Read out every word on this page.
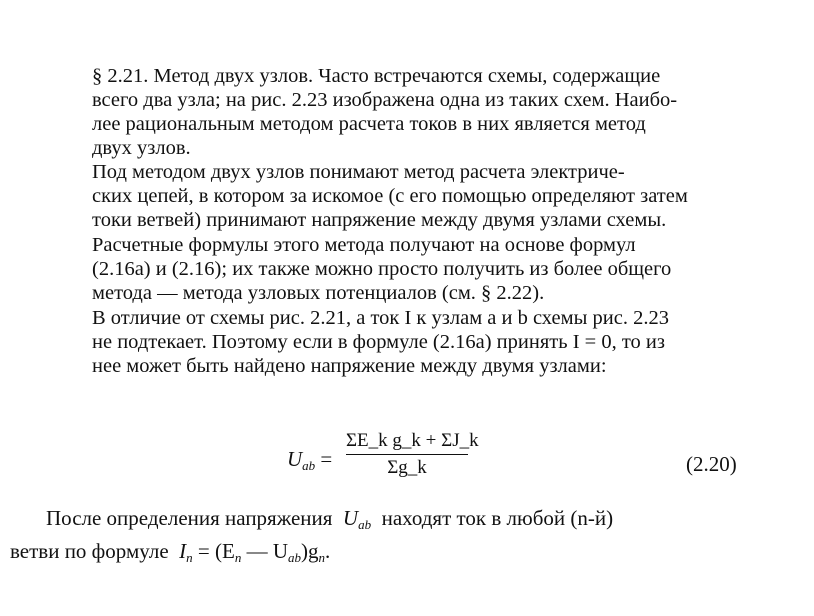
§ 2.21. Метод двух узлов. Часто встречаются схемы, содержащие
всего два узла; на рис. 2.23 изображена одна из таких схем. Наибо-
лее рациональным методом расчета токов в них является метод
двух узлов.
Под методом двух узлов понимают метод расчета электриче-
ских цепей, в котором за искомое (с его помощью определяют затем
токи ветвей) принимают напряжение между двумя узлами схемы.
Расчетные формулы этого метода получают на основе формул
(2.16а) и (2.16); их также можно просто получить из более общего
метода — метода узловых потенциалов (см. § 2.22).
В отличие от схемы рис. 2.21, а ток I к узлам а и b схемы рис. 2.23
не подтекает. Поэтому если в формуле (2.16а) принять I = 0, то из
нее может быть найдено напряжение между двумя узлами:
$U_{ab} = \frac{\text{ΣE\_k g\_k + ΣJ\_k}}{\Sigma g\_k}$	(2.20)
После определения напряжения $U_{ab}$ находят ток в любой (n-й)
ветви по формуле $I_n = (E_n$ — $U_{ab})g_n$.
